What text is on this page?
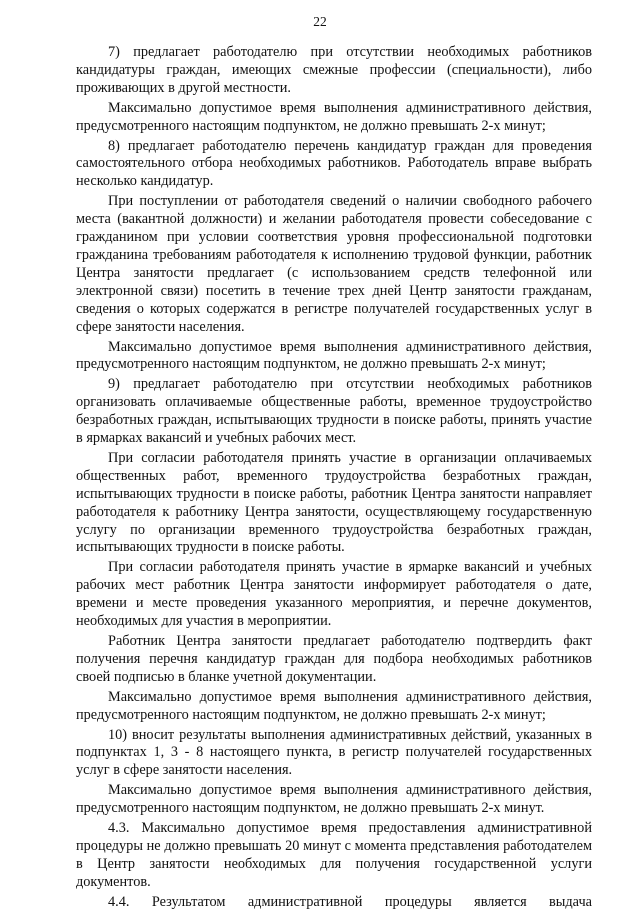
22

7) предлагает работодателю при отсутствии необходимых работников кандидатуры граждан, имеющих смежные профессии (специальности), либо проживающих в другой местности.

Максимально допустимое время выполнения административного действия, предусмотренного настоящим подпунктом, не должно превышать 2-х минут;

8) предлагает работодателю перечень кандидатур граждан для проведения самостоятельного отбора необходимых работников. Работодатель вправе выбрать несколько кандидатур.

При поступлении от работодателя сведений о наличии свободного рабочего места (вакантной должности) и желании работодателя провести собеседование с гражданином при условии соответствия уровня профессиональной подготовки гражданина требованиям работодателя к исполнению трудовой функции, работник Центра занятости предлагает (с использованием средств телефонной или электронной связи) посетить в течение трех дней Центр занятости гражданам, сведения о которых содержатся в регистре получателей государственных услуг в сфере занятости населения.

Максимально допустимое время выполнения административного действия, предусмотренного настоящим подпунктом, не должно превышать 2-х минут;

9) предлагает работодателю при отсутствии необходимых работников организовать оплачиваемые общественные работы, временное трудоустройство безработных граждан, испытывающих трудности в поиске работы, принять участие в ярмарках вакансий и учебных рабочих мест.

При согласии работодателя принять участие в организации оплачиваемых общественных работ, временного трудоустройства безработных граждан, испытывающих трудности в поиске работы, работник Центра занятости направляет работодателя к работнику Центра занятости, осуществляющему государственную услугу по организации временного трудоустройства безработных граждан, испытывающих трудности в поиске работы.

При согласии работодателя принять участие в ярмарке вакансий и учебных рабочих мест работник Центра занятости информирует работодателя о дате, времени и месте проведения указанного мероприятия, и перечне документов, необходимых для участия в мероприятии.

Работник Центра занятости предлагает работодателю подтвердить факт получения перечня кандидатур граждан для подбора необходимых работников своей подписью в бланке учетной документации.

Максимально допустимое время выполнения административного действия, предусмотренного настоящим подпунктом, не должно превышать 2-х минут;

10) вносит результаты выполнения административных действий, указанных в подпунктах 1, 3 - 8 настоящего пункта, в регистр получателей государственных услуг в сфере занятости населения.

Максимально допустимое время выполнения административного действия, предусмотренного настоящим подпунктом, не должно превышать 2-х минут.

4.3. Максимально допустимое время предоставления административной процедуры не должно превышать 20 минут с момента представления работодателем в Центр занятости необходимых для получения государственной услуги документов.

4.4. Результатом административной процедуры является выдача
